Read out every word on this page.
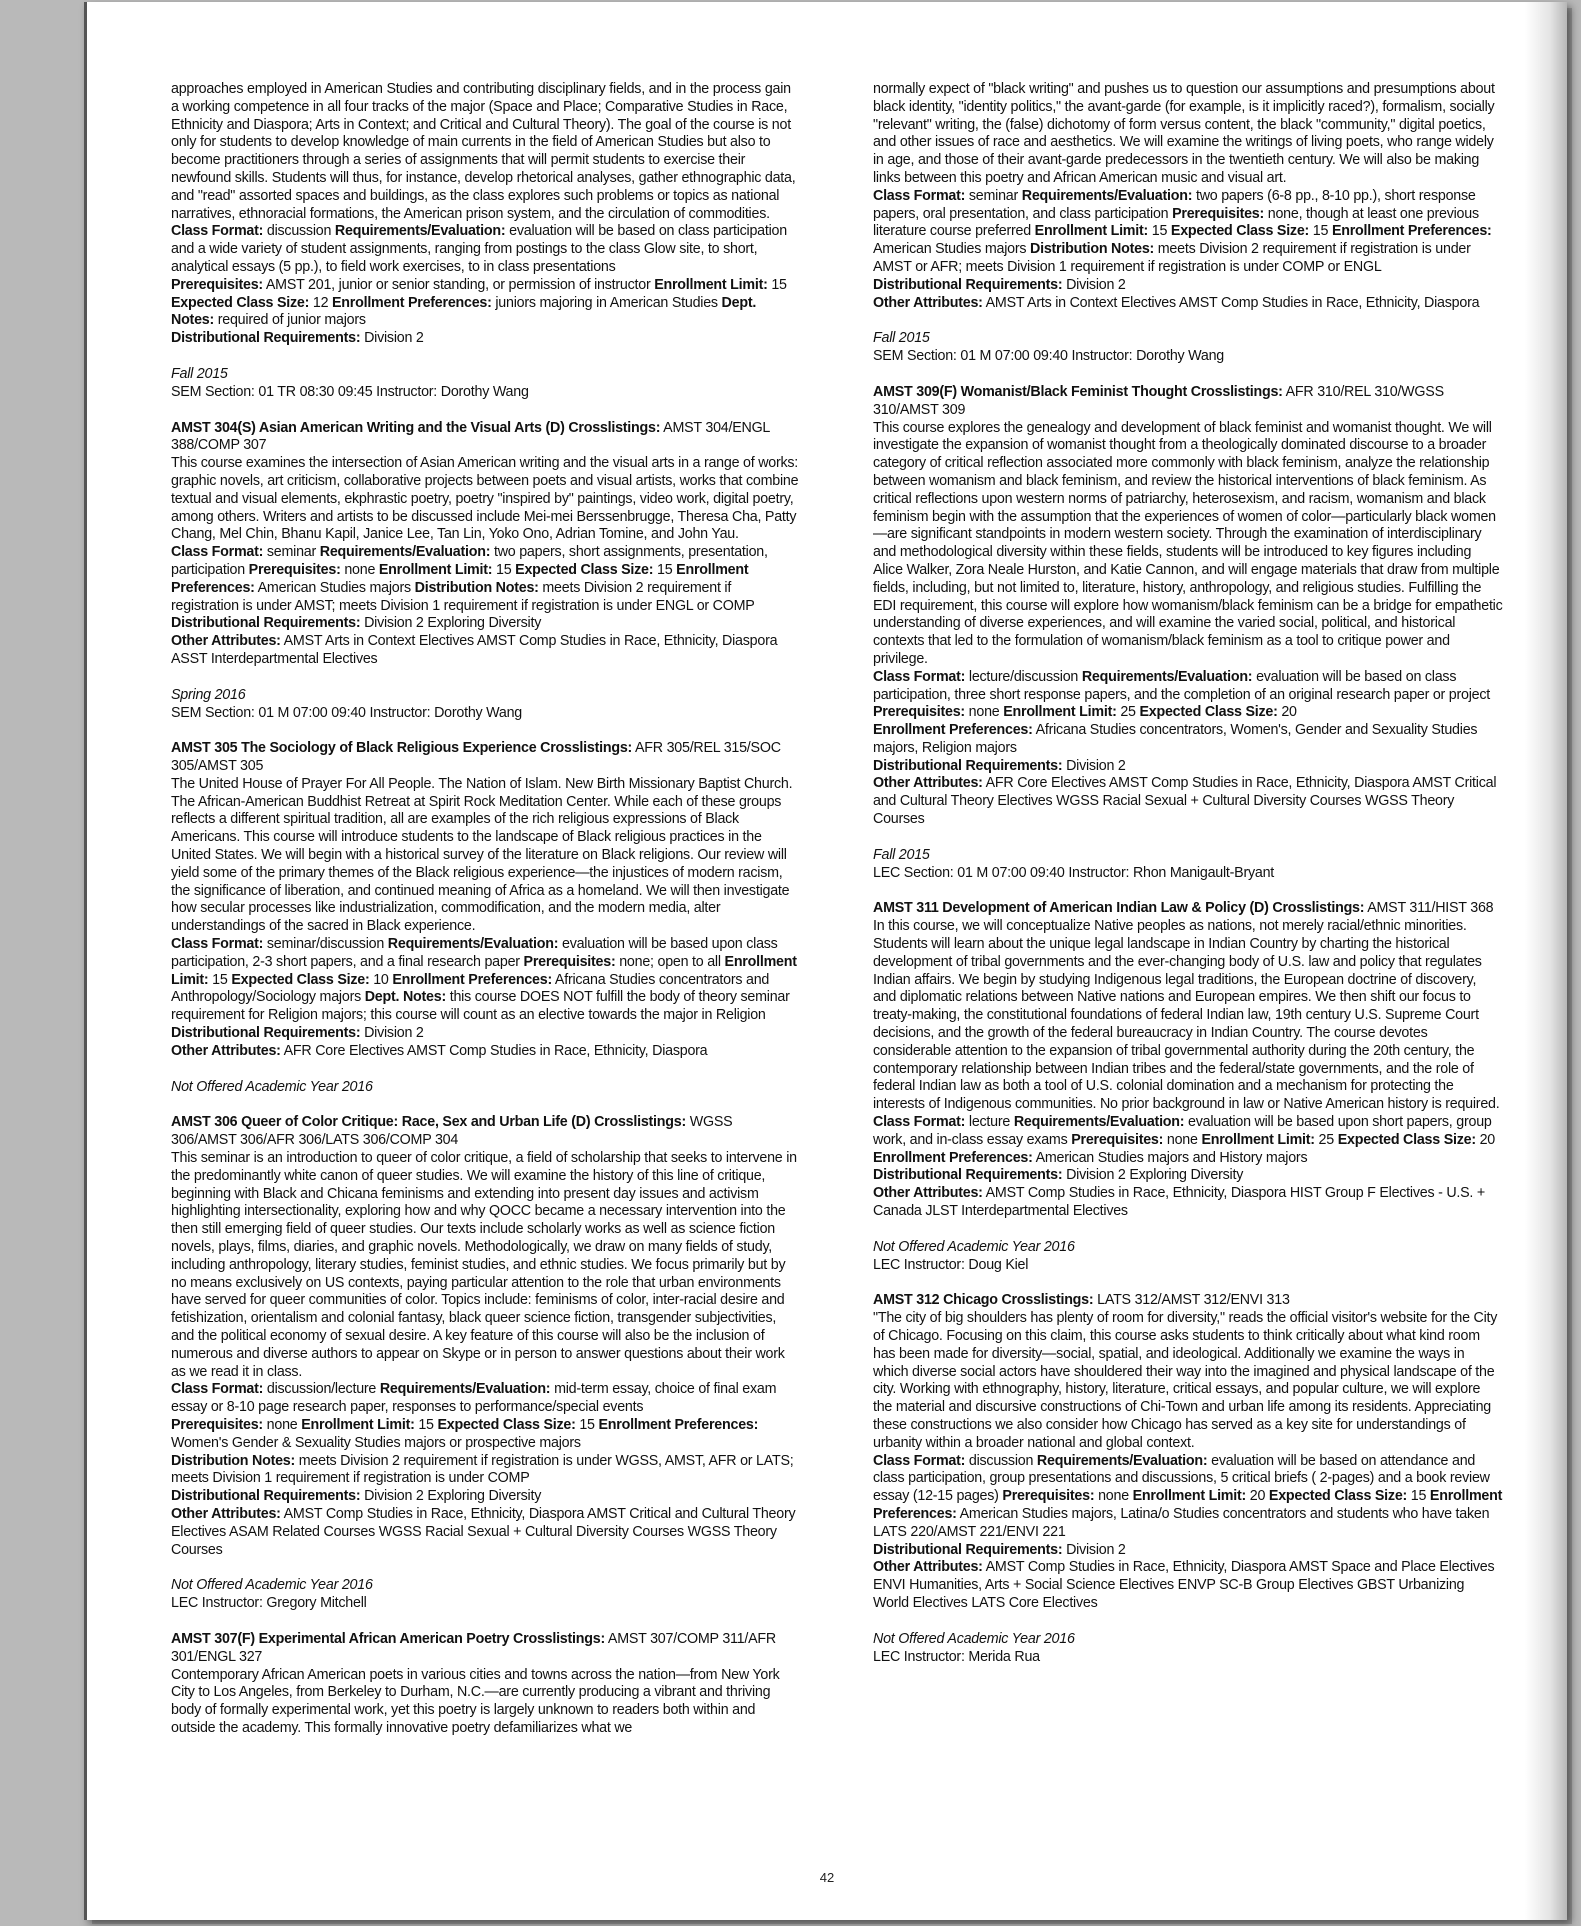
approaches employed in American Studies and contributing disciplinary fields, and in the process gain a working competence in all four tracks of the major (Space and Place; Comparative Studies in Race, Ethnicity and Diaspora; Arts in Context; and Critical and Cultural Theory). The goal of the course is not only for students to develop knowledge of main currents in the field of American Studies but also to become practitioners through a series of assignments that will permit students to exercise their newfound skills. Students will thus, for instance, develop rhetorical analyses, gather ethnographic data, and "read" assorted spaces and buildings, as the class explores such problems or topics as national narratives, ethnoracial formations, the American prison system, and the circulation of commodities.

Class Format: discussion Requirements/Evaluation: evaluation will be based on class participation and a wide variety of student assignments, ranging from postings to the class Glow site, to short, analytical essays (5 pp.), to field work exercises, to in class presentations

Prerequisites: AMST 201, junior or senior standing, or permission of instructor Enrollment Limit: 15 Expected Class Size: 12 Enrollment Preferences: juniors majoring in American Studies Dept. Notes: required of junior majors

Distributional Requirements: Division 2

Fall 2015

SEM Section: 01 TR 08:30 09:45 Instructor: Dorothy Wang

AMST 304(S) Asian American Writing and the Visual Arts (D) Crosslistings: AMST 304/ENGL 388/COMP 307

This course examines the intersection of Asian American writing and the visual arts in a range of works: graphic novels, art criticism, collaborative projects between poets and visual artists, works that combine textual and visual elements, ekphrastic poetry, poetry "inspired by" paintings, video work, digital poetry, among others. Writers and artists to be discussed include Mei-mei Berssenbrugge, Theresa Cha, Patty Chang, Mel Chin, Bhanu Kapil, Janice Lee, Tan Lin, Yoko Ono, Adrian Tomine, and John Yau.

Class Format: seminar Requirements/Evaluation: two papers, short assignments, presentation, participation Prerequisites: none Enrollment Limit: 15 Expected Class Size: 15 Enrollment Preferences: American Studies majors Distribution Notes: meets Division 2 requirement if registration is under AMST; meets Division 1 requirement if registration is under ENGL or COMP

Distributional Requirements: Division 2 Exploring Diversity

Other Attributes: AMST Arts in Context Electives AMST Comp Studies in Race, Ethnicity, Diaspora ASST Interdepartmental Electives

Spring 2016

SEM Section: 01 M 07:00 09:40 Instructor: Dorothy Wang

AMST 305 The Sociology of Black Religious Experience Crosslistings: AFR 305/REL 315/SOC 305/AMST 305

The United House of Prayer For All People. The Nation of Islam. New Birth Missionary Baptist Church. The African-American Buddhist Retreat at Spirit Rock Meditation Center. While each of these groups reflects a different spiritual tradition, all are examples of the rich religious expressions of Black Americans. This course will introduce students to the landscape of Black religious practices in the United States. We will begin with a historical survey of the literature on Black religions. Our review will yield some of the primary themes of the Black religious experience—the injustices of modern racism, the significance of liberation, and continued meaning of Africa as a homeland. We will then investigate how secular processes like industrialization, commodification, and the modern media, alter understandings of the sacred in Black experience.

Class Format: seminar/discussion Requirements/Evaluation: evaluation will be based upon class participation, 2-3 short papers, and a final research paper Prerequisites: none; open to all Enrollment Limit: 15 Expected Class Size: 10 Enrollment Preferences: Africana Studies concentrators and Anthropology/Sociology majors Dept. Notes: this course DOES NOT fulfill the body of theory seminar requirement for Religion majors; this course will count as an elective towards the major in Religion

Distributional Requirements: Division 2

Other Attributes: AFR Core Electives AMST Comp Studies in Race, Ethnicity, Diaspora

Not Offered Academic Year 2016

AMST 306 Queer of Color Critique: Race, Sex and Urban Life (D) Crosslistings: WGSS 306/AMST 306/AFR 306/LATS 306/COMP 304

This seminar is an introduction to queer of color critique, a field of scholarship that seeks to intervene in the predominantly white canon of queer studies. We will examine the history of this line of critique, beginning with Black and Chicana feminisms and extending into present day issues and activism highlighting intersectionality, exploring how and why QOCC became a necessary intervention into the then still emerging field of queer studies. Our texts include scholarly works as well as science fiction novels, plays, films, diaries, and graphic novels. Methodologically, we draw on many fields of study, including anthropology, literary studies, feminist studies, and ethnic studies. We focus primarily but by no means exclusively on US contexts, paying particular attention to the role that urban environments have served for queer communities of color. Topics include: feminisms of color, inter-racial desire and fetishization, orientalism and colonial fantasy, black queer science fiction, transgender subjectivities, and the political economy of sexual desire. A key feature of this course will also be the inclusion of numerous and diverse authors to appear on Skype or in person to answer questions about their work as we read it in class.

Class Format: discussion/lecture Requirements/Evaluation: mid-term essay, choice of final exam essay or 8-10 page research paper, responses to performance/special events

Prerequisites: none Enrollment Limit: 15 Expected Class Size: 15 Enrollment Preferences: Women's Gender & Sexuality Studies majors or prospective majors

Distribution Notes: meets Division 2 requirement if registration is under WGSS, AMST, AFR or LATS; meets Division 1 requirement if registration is under COMP

Distributional Requirements: Division 2 Exploring Diversity

Other Attributes: AMST Comp Studies in Race, Ethnicity, Diaspora AMST Critical and Cultural Theory Electives ASAM Related Courses WGSS Racial Sexual + Cultural Diversity Courses WGSS Theory Courses

Not Offered Academic Year 2016

LEC Instructor: Gregory Mitchell

AMST 307(F) Experimental African American Poetry Crosslistings: AMST 307/COMP 311/AFR 301/ENGL 327

Contemporary African American poets in various cities and towns across the nation—from New York City to Los Angeles, from Berkeley to Durham, N.C.—are currently producing a vibrant and thriving body of formally experimental work, yet this poetry is largely unknown to readers both within and outside the academy. This formally innovative poetry defamiliarizes what we

normally expect of "black writing" and pushes us to question our assumptions and presumptions about black identity, "identity politics," the avant-garde (for example, is it implicitly raced?), formalism, socially "relevant" writing, the (false) dichotomy of form versus content, the black "community," digital poetics, and other issues of race and aesthetics. We will examine the writings of living poets, who range widely in age, and those of their avant-garde predecessors in the twentieth century. We will also be making links between this poetry and African American music and visual art.

Class Format: seminar Requirements/Evaluation: two papers (6-8 pp., 8-10 pp.), short response papers, oral presentation, and class participation Prerequisites: none, though at least one previous literature course preferred Enrollment Limit: 15 Expected Class Size: 15 Enrollment Preferences: American Studies majors Distribution Notes: meets Division 2 requirement if registration is under AMST or AFR; meets Division 1 requirement if registration is under COMP or ENGL

Distributional Requirements: Division 2

Other Attributes: AMST Arts in Context Electives AMST Comp Studies in Race, Ethnicity, Diaspora

Fall 2015

SEM Section: 01 M 07:00 09:40 Instructor: Dorothy Wang

AMST 309(F) Womanist/Black Feminist Thought Crosslistings: AFR 310/REL 310/WGSS 310/AMST 309

This course explores the genealogy and development of black feminist and womanist thought. We will investigate the expansion of womanist thought from a theologically dominated discourse to a broader category of critical reflection associated more commonly with black feminism, analyze the relationship between womanism and black feminism, and review the historical interventions of black feminism. As critical reflections upon western norms of patriarchy, heterosexism, and racism, womanism and black feminism begin with the assumption that the experiences of women of color—particularly black women—are significant standpoints in modern western society. Through the examination of interdisciplinary and methodological diversity within these fields, students will be introduced to key figures including Alice Walker, Zora Neale Hurston, and Katie Cannon, and will engage materials that draw from multiple fields, including, but not limited to, literature, history, anthropology, and religious studies. Fulfilling the EDI requirement, this course will explore how womanism/black feminism can be a bridge for empathetic understanding of diverse experiences, and will examine the varied social, political, and historical contexts that led to the formulation of womanism/black feminism as a tool to critique power and privilege.

Class Format: lecture/discussion Requirements/Evaluation: evaluation will be based on class participation, three short response papers, and the completion of an original research paper or project Prerequisites: none Enrollment Limit: 25 Expected Class Size: 20

Enrollment Preferences: Africana Studies concentrators, Women's, Gender and Sexuality Studies majors, Religion majors

Distributional Requirements: Division 2

Other Attributes: AFR Core Electives AMST Comp Studies in Race, Ethnicity, Diaspora AMST Critical and Cultural Theory Electives WGSS Racial Sexual + Cultural Diversity Courses WGSS Theory Courses

Fall 2015

LEC Section: 01 M 07:00 09:40 Instructor: Rhon Manigault-Bryant

AMST 311 Development of American Indian Law & Policy (D) Crosslistings: AMST 311/HIST 368

In this course, we will conceptualize Native peoples as nations, not merely racial/ethnic minorities. Students will learn about the unique legal landscape in Indian Country by charting the historical development of tribal governments and the ever-changing body of U.S. law and policy that regulates Indian affairs. We begin by studying Indigenous legal traditions, the European doctrine of discovery, and diplomatic relations between Native nations and European empires. We then shift our focus to treaty-making, the constitutional foundations of federal Indian law, 19th century U.S. Supreme Court decisions, and the growth of the federal bureaucracy in Indian Country. The course devotes considerable attention to the expansion of tribal governmental authority during the 20th century, the contemporary relationship between Indian tribes and the federal/state governments, and the role of federal Indian law as both a tool of U.S. colonial domination and a mechanism for protecting the interests of Indigenous communities. No prior background in law or Native American history is required.

Class Format: lecture Requirements/Evaluation: evaluation will be based upon short papers, group work, and in-class essay exams Prerequisites: none Enrollment Limit: 25 Expected Class Size: 20 Enrollment Preferences: American Studies majors and History majors

Distributional Requirements: Division 2 Exploring Diversity

Other Attributes: AMST Comp Studies in Race, Ethnicity, Diaspora HIST Group F Electives - U.S. + Canada JLST Interdepartmental Electives

Not Offered Academic Year 2016

LEC Instructor: Doug Kiel

AMST 312 Chicago Crosslistings: LATS 312/AMST 312/ENVI 313

"The city of big shoulders has plenty of room for diversity," reads the official visitor's website for the City of Chicago. Focusing on this claim, this course asks students to think critically about what kind room has been made for diversity—social, spatial, and ideological. Additionally we examine the ways in which diverse social actors have shouldered their way into the imagined and physical landscape of the city. Working with ethnography, history, literature, critical essays, and popular culture, we will explore the material and discursive constructions of Chi-Town and urban life among its residents. Appreciating these constructions we also consider how Chicago has served as a key site for understandings of urbanity within a broader national and global context.

Class Format: discussion Requirements/Evaluation: evaluation will be based on attendance and class participation, group presentations and discussions, 5 critical briefs ( 2-pages) and a book review essay (12-15 pages) Prerequisites: none Enrollment Limit: 20 Expected Class Size: 15 Enrollment Preferences: American Studies majors, Latina/o Studies concentrators and students who have taken LATS 220/AMST 221/ENVI 221

Distributional Requirements: Division 2

Other Attributes: AMST Comp Studies in Race, Ethnicity, Diaspora AMST Space and Place Electives ENVI Humanities, Arts + Social Science Electives ENVP SC-B Group Electives GBST Urbanizing World Electives LATS Core Electives

Not Offered Academic Year 2016

LEC Instructor: Merida Rua

42
